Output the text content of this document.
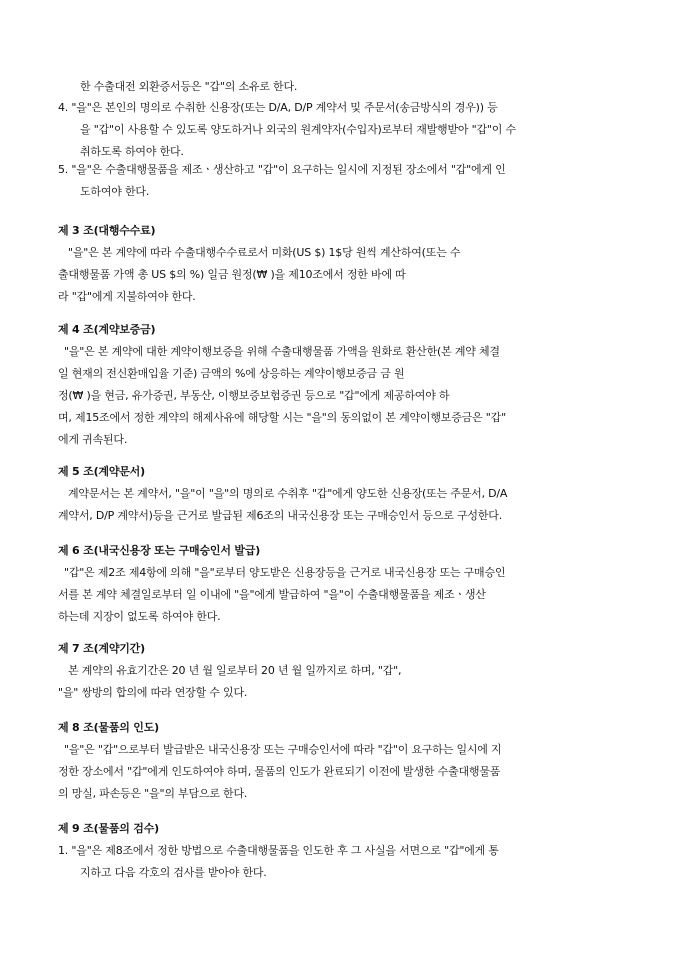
한 수출대전 외환증서등은 "갑"의 소유로 한다.
4. "을"은 본인의 명의로 수취한 신용장(또는 D/A, D/P 계약서 및 주문서(송금방식의 경우)) 등
을 "갑"이 사용할 수 있도록 양도하거나 외국의 원계약자(수입자)로부터 재발행받아 "갑"이 수
취하도록 하여야 한다.
5. "을"은 수출대행물품을 제조ㆍ생산하고 "갑"이 요구하는 일시에 지정된 장소에서 "갑"에게 인
도하여야 한다.
제 3 조(대행수수료)
"을"은 본 계약에 따라 수출대행수수료로서 미화(US $) 1$당 원씩 계산하여(또는 수
출대행물품 가액 총 US $의 %) 일금 원정(₩ )을 제10조에서 정한 바에 따
라 "갑"에게 지불하여야 한다.
제 4 조(계약보증금)
"을"은 본 계약에 대한 계약이행보증을 위해 수출대행물품 가액을 원화로 환산한(본 계약 체결
일 현재의 전신환매입율 기준) 금액의 %에 상응하는 계약이행보증금 금 원
정(₩ )을 현금, 유가증권, 부동산, 이행보증보험증권 등으로 "갑"에게 제공하여야 하
며, 제15조에서 정한 계약의 해제사유에 해당할 시는 "을"의 동의없이 본 계약이행보증금은 "갑"
에게 귀속된다.
제 5 조(계약문서)
계약문서는 본 계약서, "을"이 "을"의 명의로 수취후 "갑"에게 양도한 신용장(또는 주문서, D/A
계약서, D/P 계약서)등을 근거로 발급된 제6조의 내국신용장 또는 구매승인서 등으로 구성한다.
제 6 조(내국신용장 또는 구매승인서 발급)
"갑"은 제2조 제4항에 의해 "을"로부터 양도받은 신용장등을 근거로 내국신용장 또는 구매승인
서를 본 계약 체결일로부터 일 이내에 "을"에게 발급하여 "을"이 수출대행물품을 제조ㆍ생산
하는데 지장이 없도록 하여야 한다.
제 7 조(계약기간)
본 계약의 유효기간은 20 년 월 일로부터 20 년 월 일까지로 하며, "갑",
"을" 쌍방의 합의에 따라 연장할 수 있다.
제 8 조(물품의 인도)
"을"은 "갑"으로부터 발급받은 내국신용장 또는 구매승인서에 따라 "갑"이 요구하는 일시에 지
정한 장소에서 "갑"에게 인도하여야 하며, 물품의 인도가 완료되기 이전에 발생한 수출대행물품
의 망실, 파손등은 "을"의 부담으로 한다.
제 9 조(물품의 검수)
1. "을"은 제8조에서 정한 방법으로 수출대행물품을 인도한 후 그 사실을 서면으로 "갑"에게 통
지하고 다음 각호의 검사를 받아야 한다.
